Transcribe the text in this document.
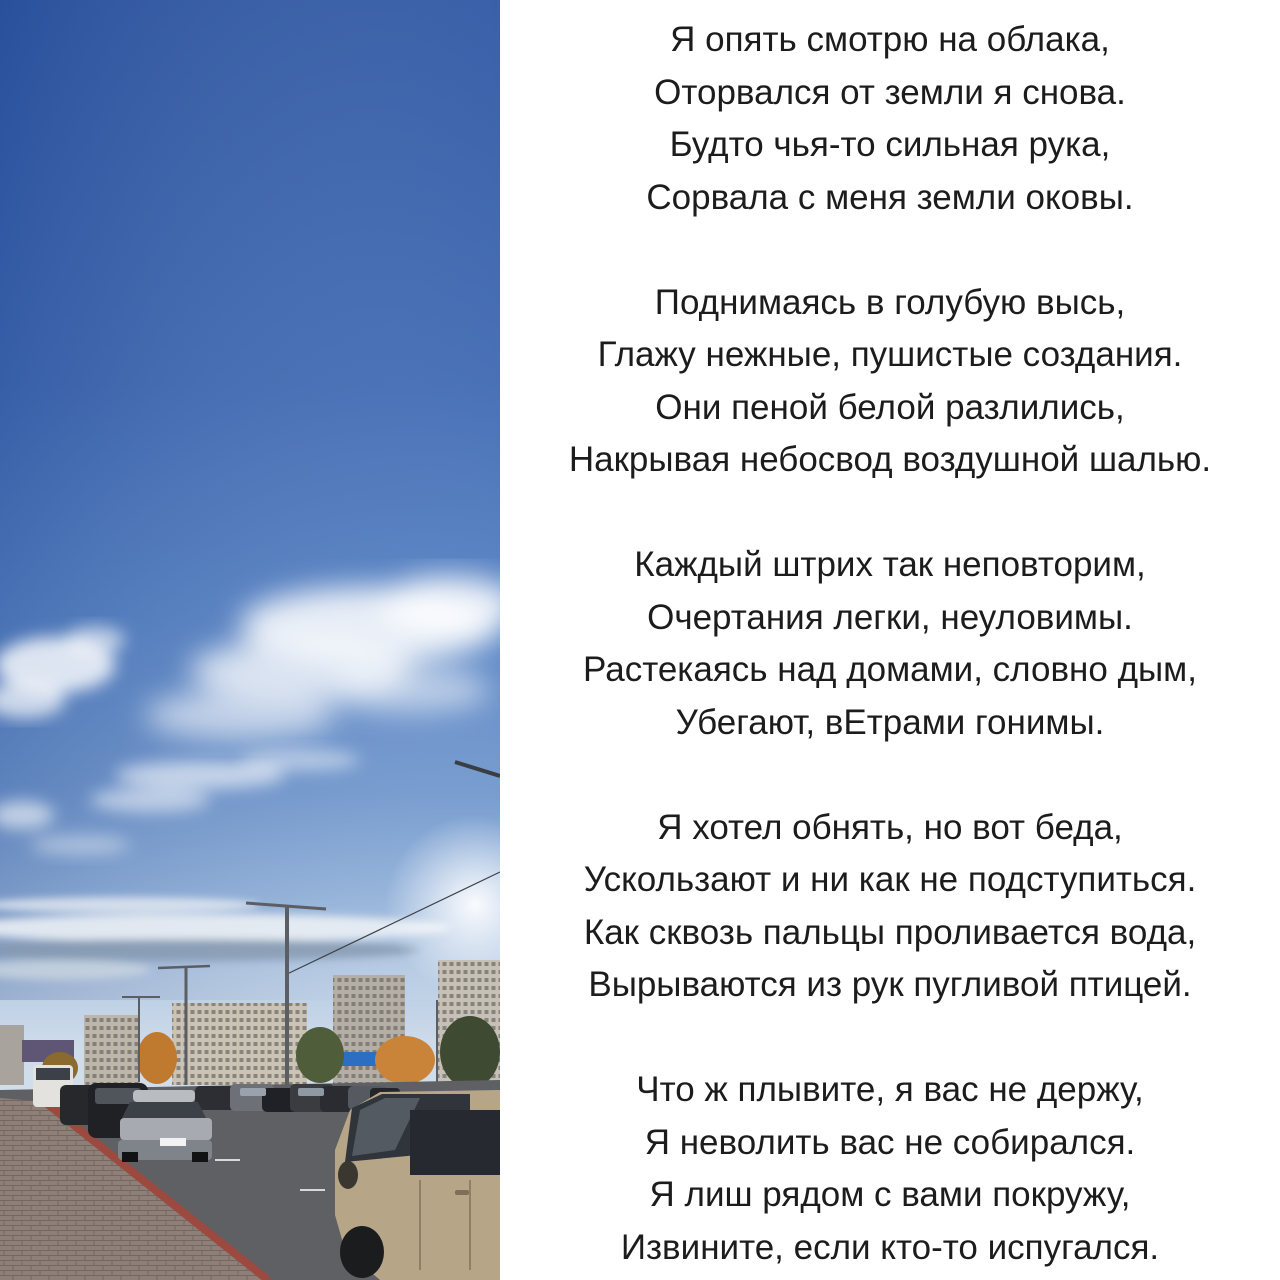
Я опять смотрю на облака,
Оторвался от земли я снова.
Будто чья-то сильная рука,
Сорвала с меня земли оковы.
Поднимаясь в голубую высь,
Глажу нежные, пушистые создания.
Они пеной белой разлились,
Накрывая небосвод воздушной шалью.
Каждый штрих так неповторим,
Очертания легки, неуловимы.
Растекаясь над домами, словно дым,
Убегают, вЕтрами гонимы.
Я хотел обнять, но вот беда,
Ускользают и ни как не подступиться.
Как сквозь пальцы проливается вода,
Вырываются из рук пугливой птицей.
Что ж плывите, я вас не держу,
Я неволить вас не собирался.
Я лиш рядом с вами покружу,
Извините, если кто-то испугался.
